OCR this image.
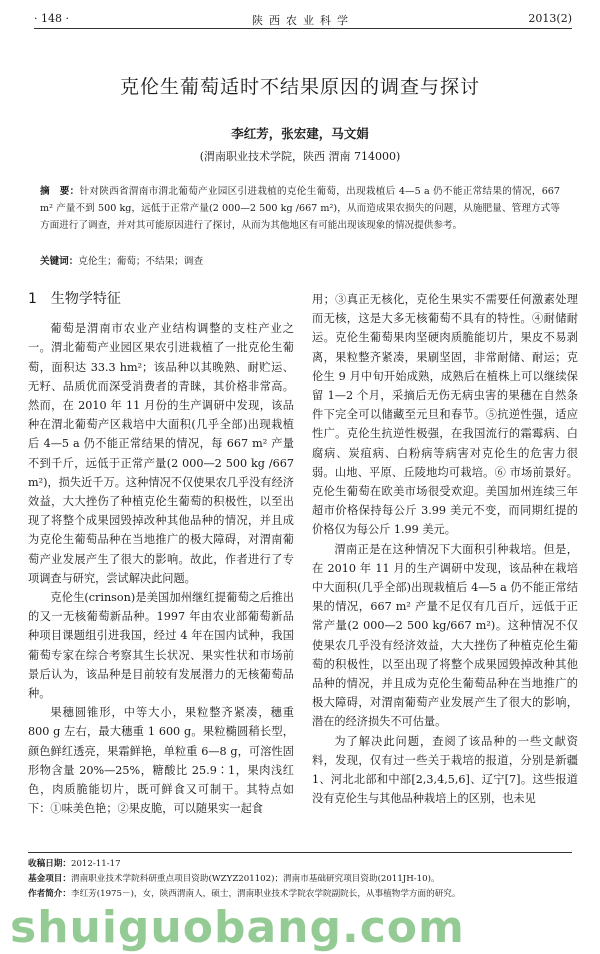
· 148 ·	陕西农业科学	2013(2)
克伦生葡萄适时不结果原因的调查与探讨
李红芳，张宏建，马文娟
(渭南职业技术学院，陕西 渭南 714000)
摘　要：针对陕西省渭南市渭北葡萄产业园区引进栽植的克伦生葡萄，出现栽植后 4—5 a 仍不能正常结果的情况，667 m² 产量不到 500 kg，远低于正常产量(2 000—2 500 kg /667 m²)，从而造成果农损失的问题，从施肥量、管理方式等方面进行了调查，并对其可能原因进行了探讨，从而为其他地区有可能出现该现象的情况提供参考。
关键词：克伦生；葡萄；不结果；调查
1　生物学特征

葡萄是渭南市农业产业结构调整的支柱产业之一。渭北葡萄产业园区果农引进栽植了一批克伦生葡萄，面积达 33.3 hm²；该品种以其晚熟、耐贮运、无籽、品质优而深受消费者的青睐，其价格非常高。然而，在 2010 年 11 月份的生产调研中发现，该品种在渭北葡萄产区栽培中大面积(几乎全部)出现栽植后 4—5 a 仍不能正常结果的情况，每 667 m² 产量不到千斤，远低于正常产量(2 000—2 500 kg /667 m²)，损失近千万。这种情况不仅使果农几乎没有经济效益，大大挫伤了种植克伦生葡萄的积极性，以至出现了将整个成果园毁掉改种其他品种的情况，并且成为克伦生葡萄品种在当地推广的极大障碍，对渭南葡萄产业发展产生了很大的影响。故此，作者进行了专项调查与研究，尝试解决此问题。

克伦生(crinson)是美国加州继红提葡萄之后推出的又一无核葡萄新品种。1997 年由农业部葡萄新品种项目课题组引进我国，经过 4 年在国内试种，我国葡萄专家在综合考察其生长状况、果实性状和市场前景后认为，该品种是目前较有发展潜力的无核葡萄品种。

果穗圆锥形，中等大小，果粒整齐紧凑，穗重 800 g 左右，最大穗重 1 600 g。果粒椭圆稍长型，颜色鲜红透亮，果霜鲜艳，单粒重 6—8 g，可溶性固形物含量 20%—25%，糖酸比 25.9∶1，果肉浅红色，肉质脆能切片，既可鲜食又可制干。其特点如下：①味美色艳；②果皮脆，可以随果实一起食

用；③真正无核化，克伦生果实不需要任何激素处理而无核，这是大多无核葡萄不具有的特性。④耐储耐运。克伦生葡萄果肉坚硬肉质脆能切片，果皮不易剥离，果粒整齐紧凑，果刷坚固，非常耐储、耐运；克伦生 9 月中旬开始成熟，成熟后在植株上可以继续保留 1—2 个月，采摘后无伤无病虫害的果穗在自然条件下完全可以储藏至元旦和春节。⑤抗逆性强，适应性广。克伦生抗逆性极强，在我国流行的霜霉病、白腐病、炭疽病、白粉病等病害对克伦生的危害力很弱。山地、平原、丘陵地均可栽培。⑥ 市场前景好。克伦生葡萄在欧美市场很受欢迎。美国加州连续三年超市价格保持每公斤 3.99 美元不变，而同期红提的价格仅为每公斤 1.99 美元。

渭南正是在这种情况下大面积引种栽培。但是，在 2010 年 11 月的生产调研中发现，该品种在栽培中大面积(几乎全部)出现栽植后 4—5 a 仍不能正常结果的情况，667 m² 产量不足仅有几百斤，远低于正常产量(2 000—2 500 kg/667 m²)。这种情况不仅使果农几乎没有经济效益，大大挫伤了种植克伦生葡萄的积极性，以至出现了将整个成果园毁掉改种其他品种的情况，并且成为克伦生葡萄品种在当地推广的极大障碍，对渭南葡萄产业发展产生了很大的影响，潜在的经济损失不可估量。

为了解决此问题，查阅了该品种的一些文献资料，发现，仅有过一些关于栽培的报道，分别是新疆 1、河北北部和中部[2,3,4,5,6]、辽宁[7]。这些报道没有克伦生与其他品种栽培上的区别，也未见

收稿日期：2012-11-17
基金项目：渭南职业技术学院科研重点项目资助(WZYZ201102)；渭南市基础研究项目资助(2011JH-10)。
作者简介：李红芳(1975－)，女，陕西渭南人，硕士，渭南职业技术学院农学院副院长，从事植物学方面的研究。
shuiguobang.com
